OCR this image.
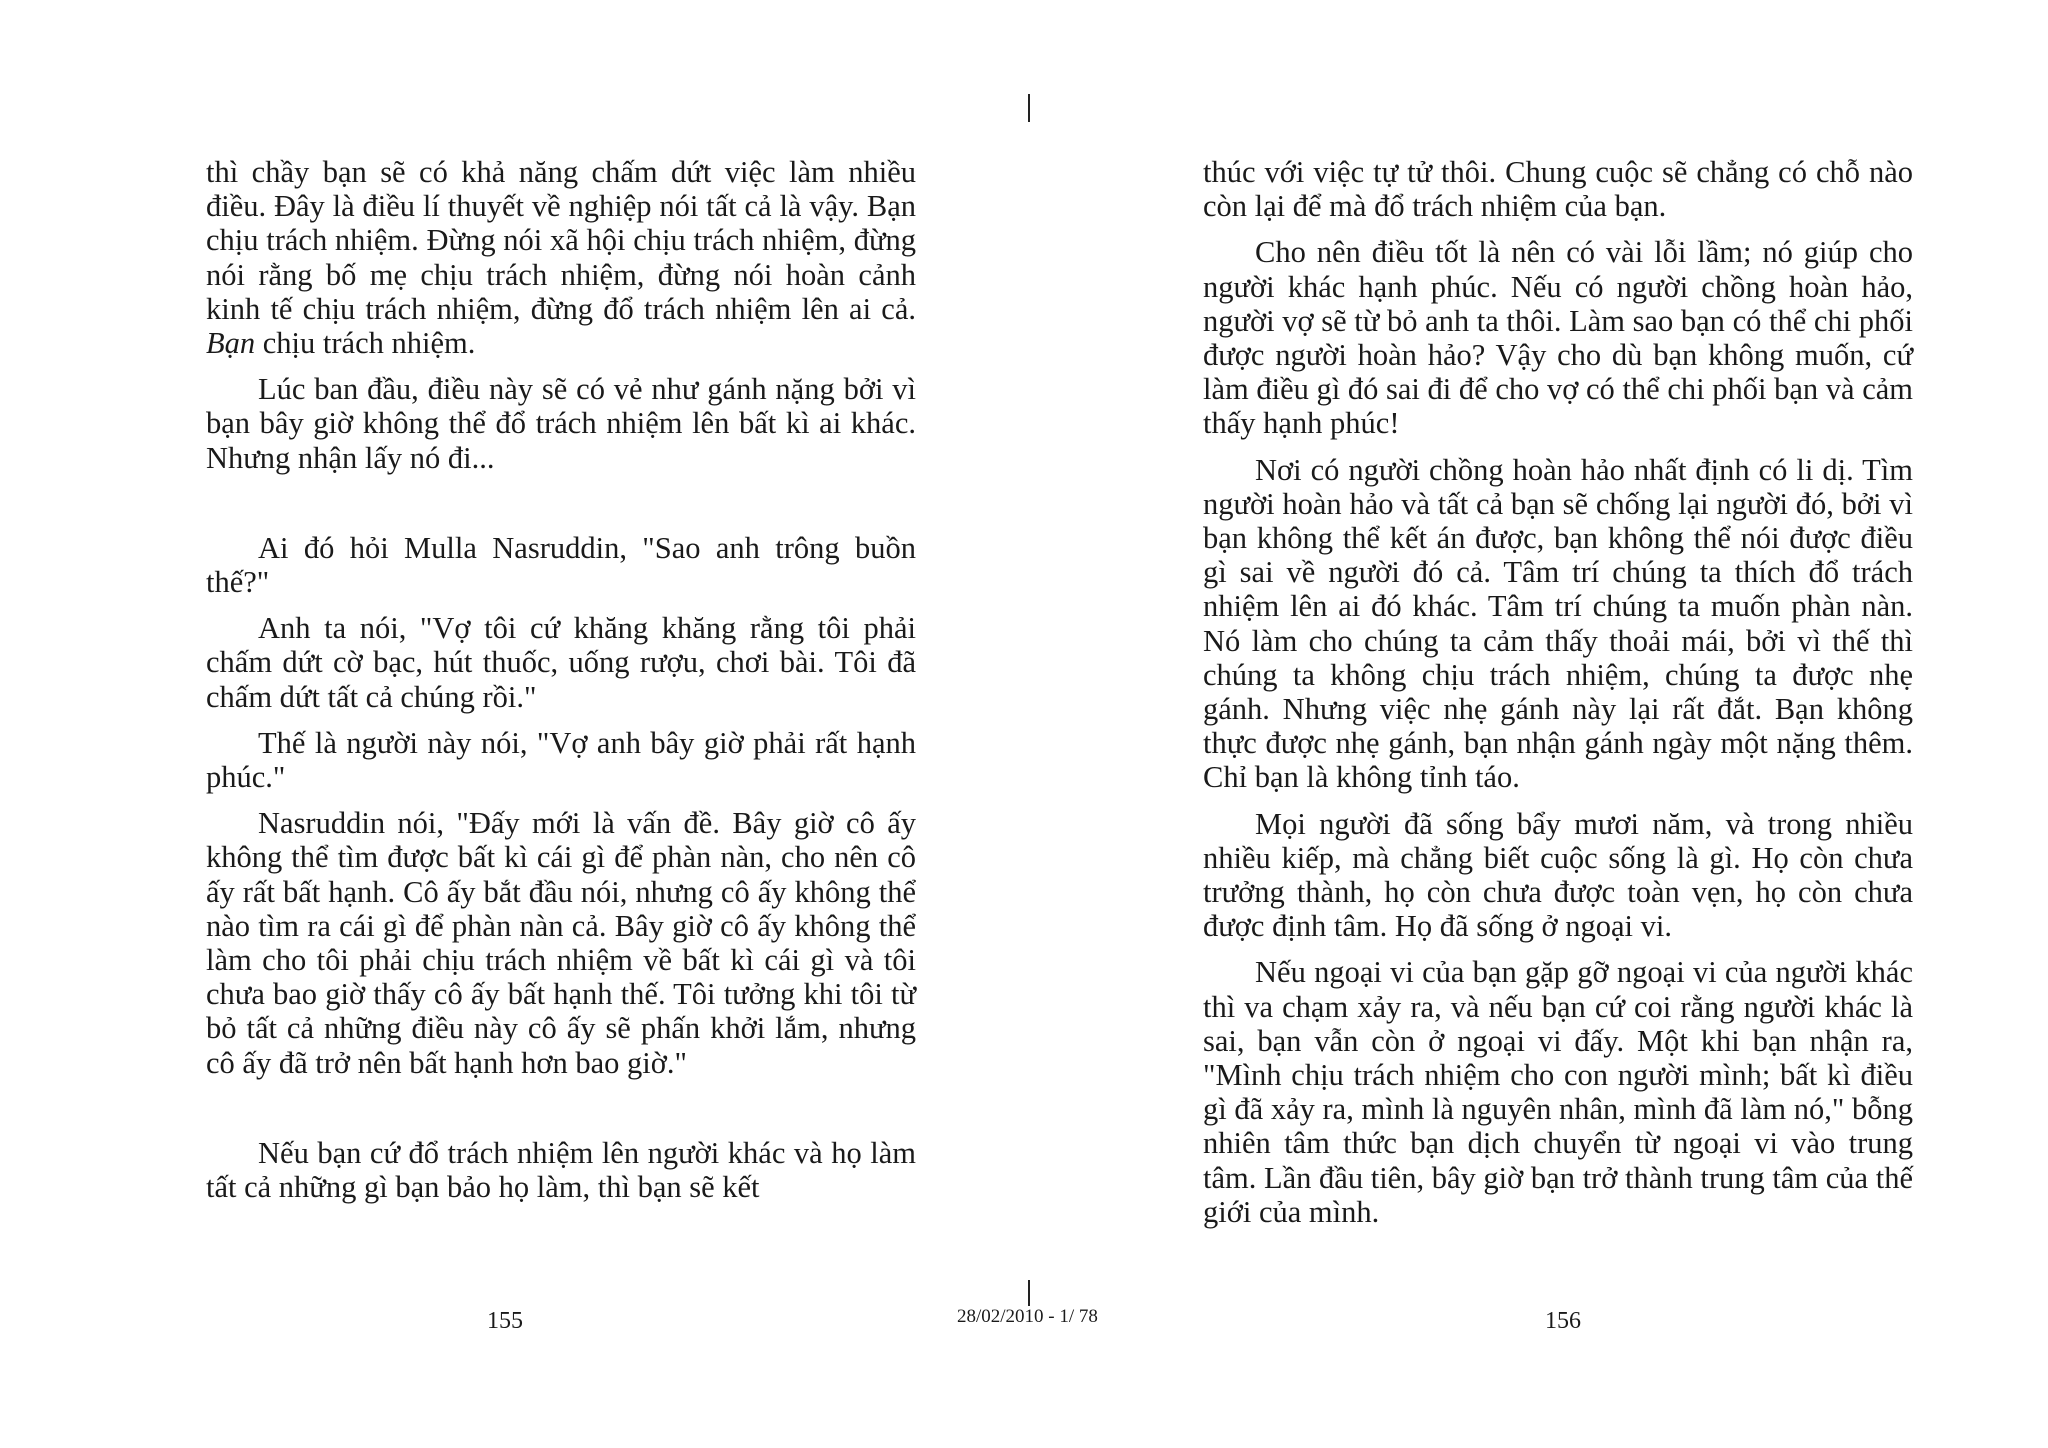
thì chầy bạn sẽ có khả năng chấm dứt việc làm nhiều điều. Đây là điều lí thuyết về nghiệp nói tất cả là vậy. Bạn chịu trách nhiệm. Đừng nói xã hội chịu trách nhiệm, đừng nói rằng bố mẹ chịu trách nhiệm, đừng nói hoàn cảnh kinh tế chịu trách nhiệm, đừng đổ trách nhiệm lên ai cả. Bạn chịu trách nhiệm.

Lúc ban đầu, điều này sẽ có vẻ như gánh nặng bởi vì bạn bây giờ không thể đổ trách nhiệm lên bất kì ai khác. Nhưng nhận lấy nó đi...

Ai đó hỏi Mulla Nasruddin, "Sao anh trông buồn thế?"

Anh ta nói, "Vợ tôi cứ khăng khăng rằng tôi phải chấm dứt cờ bạc, hút thuốc, uống rượu, chơi bài. Tôi đã chấm dứt tất cả chúng rồi."

Thế là người này nói, "Vợ anh bây giờ phải rất hạnh phúc."

Nasruddin nói, "Đấy mới là vấn đề. Bây giờ cô ấy không thể tìm được bất kì cái gì để phàn nàn, cho nên cô ấy rất bất hạnh. Cô ấy bắt đầu nói, nhưng cô ấy không thể nào tìm ra cái gì để phàn nàn cả. Bây giờ cô ấy không thể làm cho tôi phải chịu trách nhiệm về bất kì cái gì và tôi chưa bao giờ thấy cô ấy bất hạnh thế. Tôi tưởng khi tôi từ bỏ tất cả những điều này cô ấy sẽ phấn khởi lắm, nhưng cô ấy đã trở nên bất hạnh hơn bao giờ."

Nếu bạn cứ đổ trách nhiệm lên người khác và họ làm tất cả những gì bạn bảo họ làm, thì bạn sẽ kết

thúc với việc tự tử thôi. Chung cuộc sẽ chẳng có chỗ nào còn lại để mà đổ trách nhiệm của bạn.

Cho nên điều tốt là nên có vài lỗi lầm; nó giúp cho người khác hạnh phúc. Nếu có người chồng hoàn hảo, người vợ sẽ từ bỏ anh ta thôi. Làm sao bạn có thể chi phối được người hoàn hảo? Vậy cho dù bạn không muốn, cứ làm điều gì đó sai đi để cho vợ có thể chi phối bạn và cảm thấy hạnh phúc!

Nơi có người chồng hoàn hảo nhất định có li dị. Tìm người hoàn hảo và tất cả bạn sẽ chống lại người đó, bởi vì bạn không thể kết án được, bạn không thể nói được điều gì sai về người đó cả. Tâm trí chúng ta thích đổ trách nhiệm lên ai đó khác. Tâm trí chúng ta muốn phàn nàn. Nó làm cho chúng ta cảm thấy thoải mái, bởi vì thế thì chúng ta không chịu trách nhiệm, chúng ta được nhẹ gánh. Nhưng việc nhẹ gánh này lại rất đắt. Bạn không thực được nhẹ gánh, bạn nhận gánh ngày một nặng thêm. Chỉ bạn là không tỉnh táo.

Mọi người đã sống bẩy mươi năm, và trong nhiều nhiều kiếp, mà chẳng biết cuộc sống là gì. Họ còn chưa trưởng thành, họ còn chưa được toàn vẹn, họ còn chưa được định tâm. Họ đã sống ở ngoại vi.

Nếu ngoại vi của bạn gặp gỡ ngoại vi của người khác thì va chạm xảy ra, và nếu bạn cứ coi rằng người khác là sai, bạn vẫn còn ở ngoại vi đấy. Một khi bạn nhận ra, "Mình chịu trách nhiệm cho con người mình; bất kì điều gì đã xảy ra, mình là nguyên nhân, mình đã làm nó," bỗng nhiên tâm thức bạn dịch chuyển từ ngoại vi vào trung tâm. Lần đầu tiên, bây giờ bạn trở thành trung tâm của thế giới của mình.

155	28/02/2010 - 1/ 78	156
